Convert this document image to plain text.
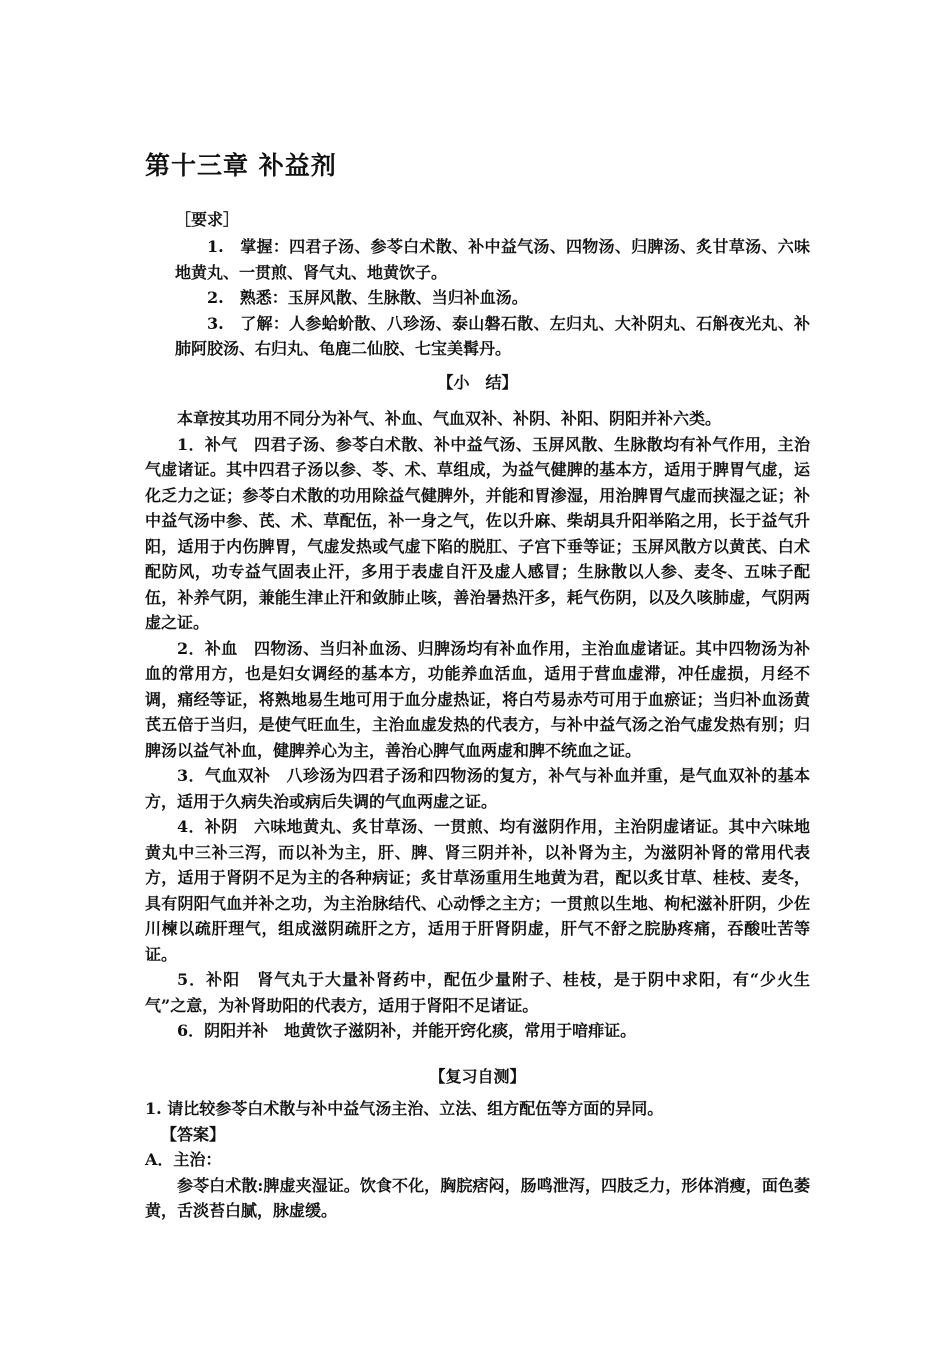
第十三章 补益剂
［要求］

1.　掌握：四君子汤、参苓白术散、补中益气汤、四物汤、归脾汤、炙甘草汤、六味地黄丸、一贯煎、肾气丸、地黄饮子。

2.　熟悉：玉屏风散、生脉散、当归补血汤。

3.　了解：人参蛤蚧散、八珍汤、泰山磐石散、左归丸、大补阴丸、石斛夜光丸、补肺阿胶汤、右归丸、龟鹿二仙胶、七宝美髯丹。

【小　结】

本章按其功用不同分为补气、补血、气血双补、补阴、补阳、阴阳并补六类。

1．补气　四君子汤、参苓白术散、补中益气汤、玉屏风散、生脉散均有补气作用，主治气虚诸证。其中四君子汤以参、苓、术、草组成，为益气健脾的基本方，适用于脾胃气虚，运化乏力之证；参苓白术散的功用除益气健脾外，并能和胃渗湿，用治脾胃气虚而挟湿之证；补中益气汤中参、芪、术、草配伍，补一身之气，佐以升麻、柴胡具升阳举陷之用，长于益气升阳，适用于内伤脾胃，气虚发热或气虚下陷的脱肛、子宫下垂等证；玉屏风散方以黄芪、白术配防风，功专益气固表止汗，多用于表虚自汗及虚人感冒；生脉散以人参、麦冬、五味子配伍，补养气阴，兼能生津止汗和敛肺止咳，善治暑热汗多，耗气伤阴，以及久咳肺虚，气阴两虚之证。

2．补血　四物汤、当归补血汤、归脾汤均有补血作用，主治血虚诸证。其中四物汤为补血的常用方，也是妇女调经的基本方，功能养血活血，适用于营血虚滞，冲任虚损，月经不调，痛经等证，将熟地易生地可用于血分虚热证，将白芍易赤芍可用于血瘀证；当归补血汤黄芪五倍于当归，是使气旺血生，主治血虚发热的代表方，与补中益气汤之治气虚发热有别；归脾汤以益气补血，健脾养心为主，善治心脾气血两虚和脾不统血之证。

3．气血双补　八珍汤为四君子汤和四物汤的复方，补气与补血并重，是气血双补的基本方，适用于久病失治或病后失调的气血两虚之证。

4．补阴　六味地黄丸、炙甘草汤、一贯煎、均有滋阴作用，主治阴虚诸证。其中六味地黄丸中三补三泻，而以补为主，肝、脾、肾三阴并补，以补肾为主，为滋阴补肾的常用代表方，适用于肾阴不足为主的各种病证；炙甘草汤重用生地黄为君，配以炙甘草、桂枝、麦冬，具有阴阳气血并补之功，为主治脉结代、心动悸之主方；一贯煎以生地、枸杞滋补肝阴，少佐川楝以疏肝理气，组成滋阴疏肝之方，适用于肝肾阴虚，肝气不舒之脘胁疼痛，吞酸吐苦等证。

5．补阳　肾气丸于大量补肾药中，配伍少量附子、桂枝，是于阴中求阳，有“少火生气”之意，为补肾助阳的代表方，适用于肾阳不足诸证。

6．阴阳并补　地黄饮子滋阴补，并能开窍化痰，常用于喑痱证。

【复习自测】

1. 请比较参苓白术散与补中益气汤主治、立法、组方配伍等方面的异同。

【答案】

A．主治：

参苓白术散:脾虚夹湿证。饮食不化，胸脘痞闷，肠鸣泄泻，四肢乏力，形体消瘦，面色萎黄，舌淡苔白腻，脉虚缓。
